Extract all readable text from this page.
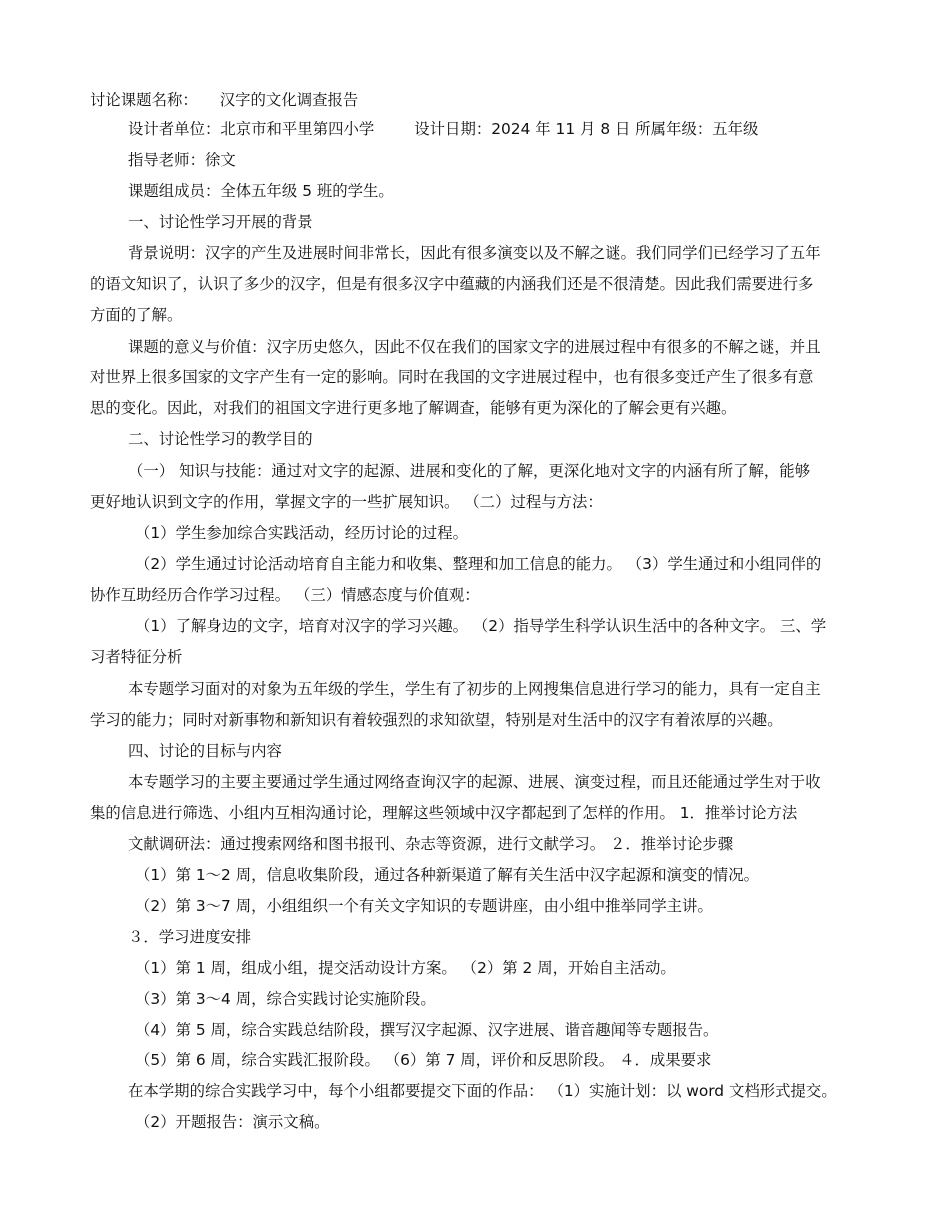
讨论课题名称： 汉字的文化调查报告
设计者单位：北京市和平里第四小学	设计日期：2024 年 11 月 8 日 所属年级：五年级
指导老师：徐文
课题组成员：全体五年级 5 班的学生。
一、讨论性学习开展的背景
背景说明：汉字的产生及进展时间非常长，因此有很多演变以及不解之谜。我们同学们已经学习了五年
的语文知识了，认识了多少的汉字，但是有很多汉字中蕴藏的内涵我们还是不很清楚。因此我们需要进行多
方面的了解。
课题的意义与价值：汉字历史悠久，因此不仅在我们的国家文字的进展过程中有很多的不解之谜，并且
对世界上很多国家的文字产生有一定的影响。同时在我国的文字进展过程中，也有很多变迁产生了很多有意
思的变化。因此，对我们的祖国文字进行更多地了解调查，能够有更为深化的了解会更有兴趣。
二、讨论性学习的教学目的
（一） 知识与技能：通过对文字的起源、进展和变化的了解，更深化地对文字的内涵有所了解，能够
更好地认识到文字的作用，掌握文字的一些扩展知识。 （二）过程与方法：
（1）学生参加综合实践活动，经历讨论的过程。
（2）学生通过讨论活动培育自主能力和收集、整理和加工信息的能力。 （3）学生通过和小组同伴的
协作互助经历合作学习过程。 （三）情感态度与价值观：
（1）了解身边的文字，培育对汉字的学习兴趣。 （2）指导学生科学认识生活中的各种文字。 三、学
习者特征分析
本专题学习面对的对象为五年级的学生，学生有了初步的上网搜集信息进行学习的能力，具有一定自主
学习的能力；同时对新事物和新知识有着较强烈的求知欲望，特别是对生活中的汉字有着浓厚的兴趣。
四、讨论的目标与内容
本专题学习的主要主要通过学生通过网络查询汉字的起源、进展、演变过程，而且还能通过学生对于收
集的信息进行筛选、小组内互相沟通讨论，理解这些领域中汉字都起到了怎样的作用。 1．推举讨论方法
文献调研法：通过搜索网络和图书报刊、杂志等资源，进行文献学习。 ２．推举讨论步骤
（1）第 1～2 周，信息收集阶段，通过各种新渠道了解有关生活中汉字起源和演变的情况。
（2）第 3～7 周，小组组织一个有关文字知识的专题讲座，由小组中推举同学主讲。
３．学习进度安排
（1）第 1 周，组成小组，提交活动设计方案。 （2）第 2 周，开始自主活动。
（3）第 3～4 周，综合实践讨论实施阶段。
（4）第 5 周，综合实践总结阶段，撰写汉字起源、汉字进展、谐音趣闻等专题报告。
（5）第 6 周，综合实践汇报阶段。 （6）第 7 周，评价和反思阶段。 ４．成果要求
在本学期的综合实践学习中，每个小组都要提交下面的作品： （1）实施计划：以 word 文档形式提交。
（2）开题报告：演示文稿。
